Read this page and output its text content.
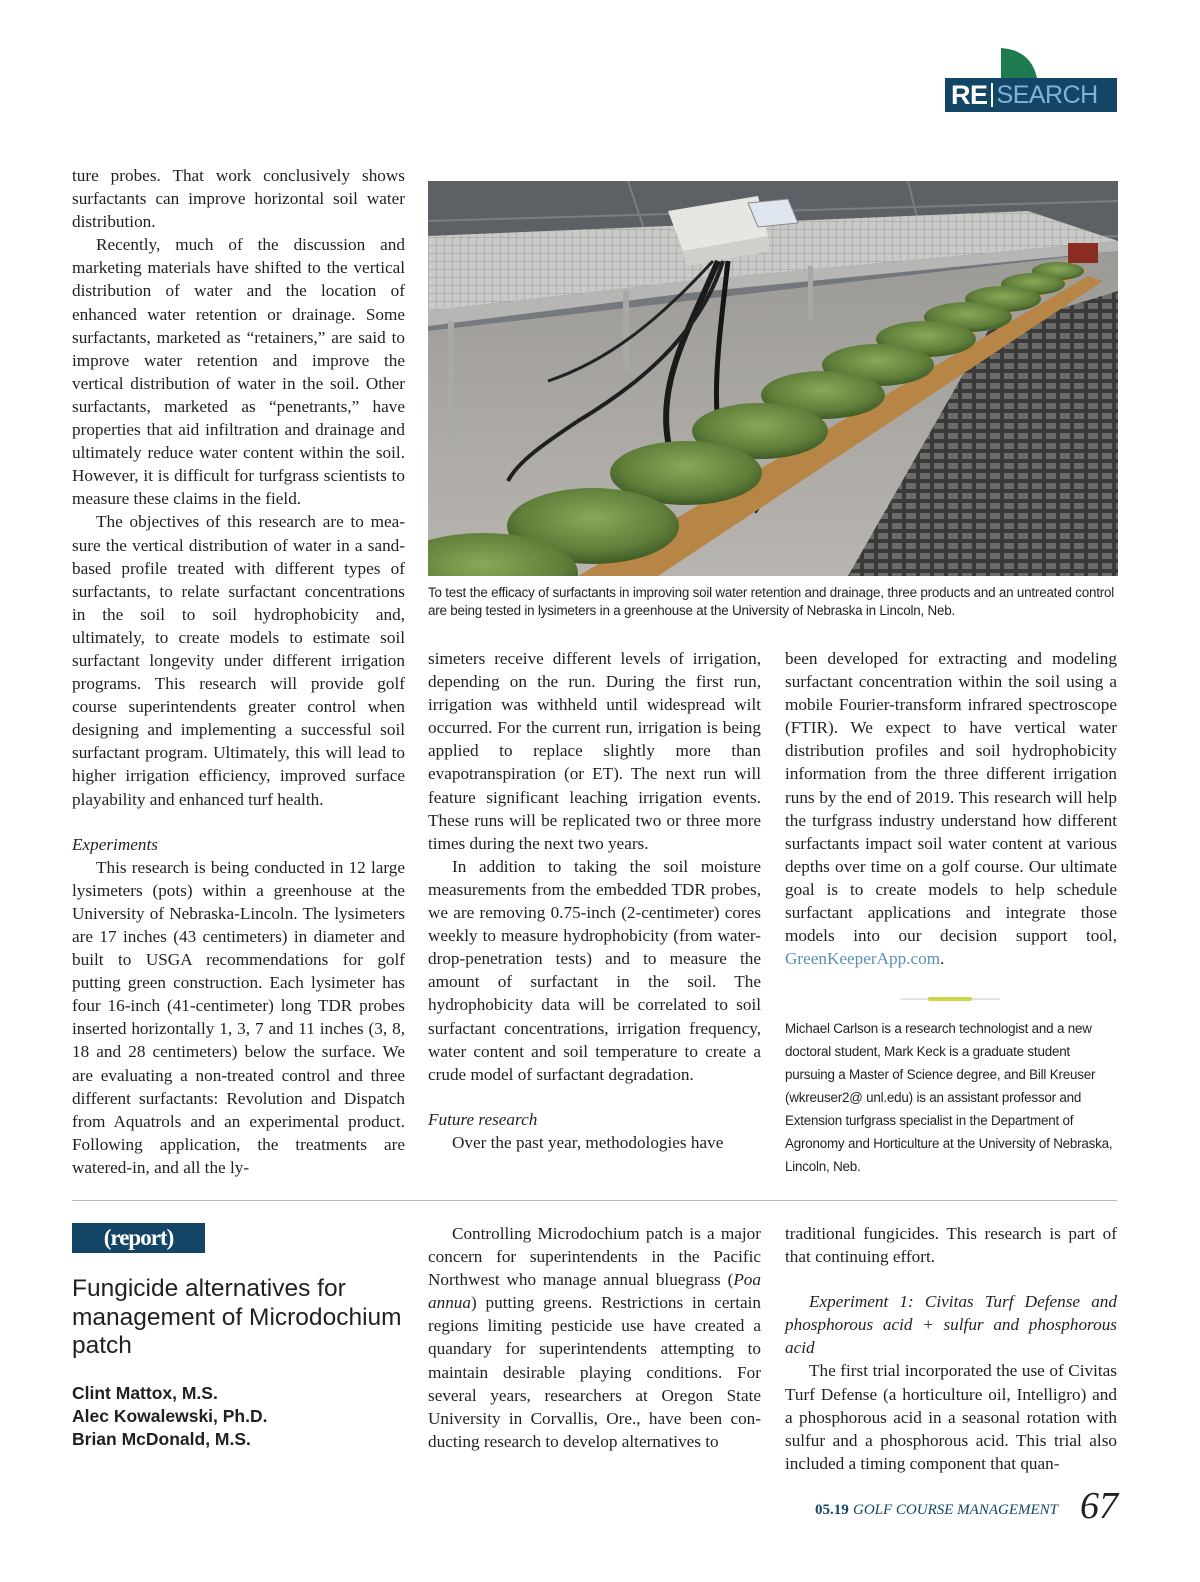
RE SEARCH

ture probes. That work conclusively shows surfactants can improve horizontal soil water distribution.

Recently, much of the discussion and marketing materials have shifted to the vertical distribution of water and the location of enhanced water retention or drainage. Some surfactants, marketed as “retainers,” are said to improve water retention and improve the vertical distribution of water in the soil. Other surfactants, marketed as “penetrants,” have properties that aid infiltration and drainage and ultimately reduce water content within the soil. However, it is difficult for turfgrass scientists to measure these claims in the field.

The objectives of this research are to measure the vertical distribution of water in a sand-based profile treated with different types of surfactants, to relate surfactant concentrations in the soil to soil hydrophobicity and, ultimately, to create models to estimate soil surfactant longevity under different irrigation programs. This research will provide golf course superintendents greater control when designing and implementing a successful soil surfactant program. Ultimately, this will lead to higher irrigation efficiency, improved surface playability and enhanced turf health.

Experiments

This research is being conducted in 12 large lysimeters (pots) within a greenhouse at the University of Nebraska-Lincoln. The lysimeters are 17 inches (43 centimeters) in diameter and built to USGA recommendations for golf putting green construction. Each lysimeter has four 16-inch (41-centimeter) long TDR probes inserted horizontally 1, 3, 7 and 11 inches (3, 8, 18 and 28 centimeters) below the surface. We are evaluating a non-treated control and three different surfactants: Revolution and Dispatch from Aquatrols and an experimental product. Following application, the treatments are watered-in, and all the ly-

To test the efficacy of surfactants in improving soil water retention and drainage, three products and an untreated control are being tested in lysimeters in a greenhouse at the University of Nebraska in Lincoln, Neb.

simeters receive different levels of irrigation, depending on the run. During the first run, irrigation was withheld until widespread wilt occurred. For the current run, irrigation is being applied to replace slightly more than evapotranspiration (or ET). The next run will feature significant leaching irrigation events. These runs will be replicated two or three more times during the next two years.

In addition to taking the soil moisture measurements from the embedded TDR probes, we are removing 0.75-inch (2-centimeter) cores weekly to measure hydrophobicity (from water-drop-penetration tests) and to measure the amount of surfactant in the soil. The hydrophobicity data will be correlated to soil surfactant concentrations, irrigation frequency, water content and soil temperature to create a crude model of surfactant degradation.

Future research

Over the past year, methodologies have

been developed for extracting and modeling surfactant concentration within the soil using a mobile Fourier-transform infrared spectroscope (FTIR). We expect to have vertical water distribution profiles and soil hydrophobicity information from the three different irrigation runs by the end of 2019. This research will help the turfgrass industry understand how different surfactants impact soil water content at various depths over time on a golf course. Our ultimate goal is to create models to help schedule surfactant applications and integrate those models into our decision support tool, GreenKeeperApp.com.

Michael Carlson is a research technologist and a new doctoral student, Mark Keck is a graduate student pursuing a Master of Science degree, and Bill Kreuser (wkreuser2@ unl.edu) is an assistant professor and Extension turfgrass specialist in the Department of Agronomy and Horticulture at the University of Nebraska, Lincoln, Neb.
(report)
Fungicide alternatives for management of Microdochium patch
Clint Mattox, M.S.
Alec Kowalewski, Ph.D.
Brian McDonald, M.S.

Controlling Microdochium patch is a major concern for superintendents in the Pacific Northwest who manage annual bluegrass (Poa annua) putting greens. Restrictions in certain regions limiting pesticide use have created a quandary for superintendents attempting to maintain desirable playing conditions. For several years, researchers at Oregon State University in Corvallis, Ore., have been conducting research to develop alternatives to

traditional fungicides. This research is part of that continuing effort.

Experiment 1: Civitas Turf Defense and phosphorous acid + sulfur and phosphorous acid

The first trial incorporated the use of Civitas Turf Defense (a horticulture oil, Intelligro) and a phosphorous acid in a seasonal rotation with sulfur and a phosphorous acid. This trial also included a timing component that quan-

05.19 GOLF COURSE MANAGEMENT 67
